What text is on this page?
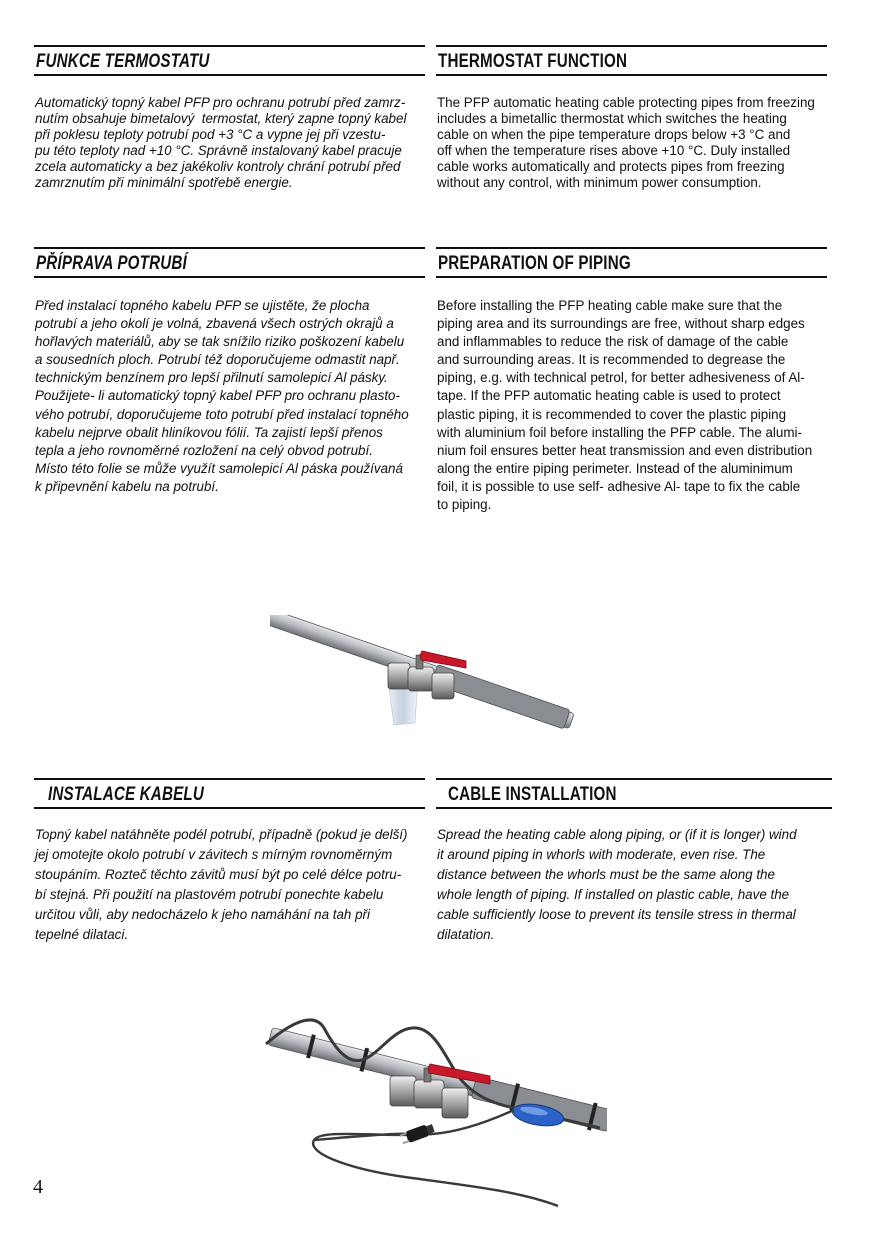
FUNKCE TERMOSTATU	THERMOSTAT FUNCTION
Automatický topný kabel PFP pro ochranu potrubí před zamrz-
nutím obsahuje bimetalový  termostat, který zapne topný kabel
při poklesu teploty potrubí pod +3 °C a vypne jej při vzestu-
pu této teploty nad +10 °C. Správně instalovaný kabel pracuje
zcela automaticky a bez jakékoliv kontroly chrání potrubí před
zamrznutím při minimální spotřebě energie.
The PFP automatic heating cable protecting pipes from freezing
includes a bimetallic thermostat which switches the heating
cable on when the pipe temperature drops below +3 °C and
off when the temperature rises above +10 °C. Duly installed
cable works automatically and protects pipes from freezing
without any control, with minimum power consumption.
PŘÍPRAVA POTRUBÍ	PREPARATION OF PIPING
Před instalací topného kabelu PFP se ujistěte, že plocha
potrubí a jeho okolí je volná, zbavená všech ostrých okrajů a
hořlavých materiálů, aby se tak snížilo riziko poškození kabelu
a sousedních ploch. Potrubí též doporučujeme odmastit např.
technickým benzínem pro lepší přilnutí samolepicí Al pásky.
Použijete- li automatický topný kabel PFP pro ochranu plasto-
vého potrubí, doporučujeme toto potrubí před instalací topného
kabelu nejprve obalit hliníkovou fólií. Ta zajistí lepší přenos
tepla a jeho rovnoměrné rozložení na celý obvod potrubí.
Místo této folie se může využít samolepicí Al páska používaná
k připevnění kabelu na potrubí.
Before installing the PFP heating cable make sure that the
piping area and its surroundings are free, without sharp edges
and inflammables to reduce the risk of damage of the cable
and surrounding areas. It is recommended to degrease the
piping, e.g. with technical petrol, for better adhesiveness of Al-
tape. If the PFP automatic heating cable is used to protect
plastic piping, it is recommended to cover the plastic piping
with aluminium foil before installing the PFP cable. The alumi-
nium foil ensures better heat transmission and even distribution
along the entire piping perimeter. Instead of the aluminimum
foil, it is possible to use self- adhesive Al- tape to fix the cable
to piping.
INSTALACE KABELU	CABLE INSTALLATION
Topný kabel natáhněte podél potrubí, případně (pokud je delší)
jej omotejte okolo potrubí v závitech s mírným rovnoměrným
stoupáním. Rozteč těchto závitů musí být po celé délce potru-
bí stejná. Při použití na plastovém potrubí ponechte kabelu
určitou vůli, aby nedocházelo k jeho namáhání na tah při
tepelné dilataci.
Spread the heating cable along piping, or (if it is longer) wind
it around piping in whorls with moderate, even rise. The
distance between the whorls must be the same along the
whole length of piping. If installed on plastic cable, have the
cable sufficiently loose to prevent its tensile stress in thermal
dilatation.
4
